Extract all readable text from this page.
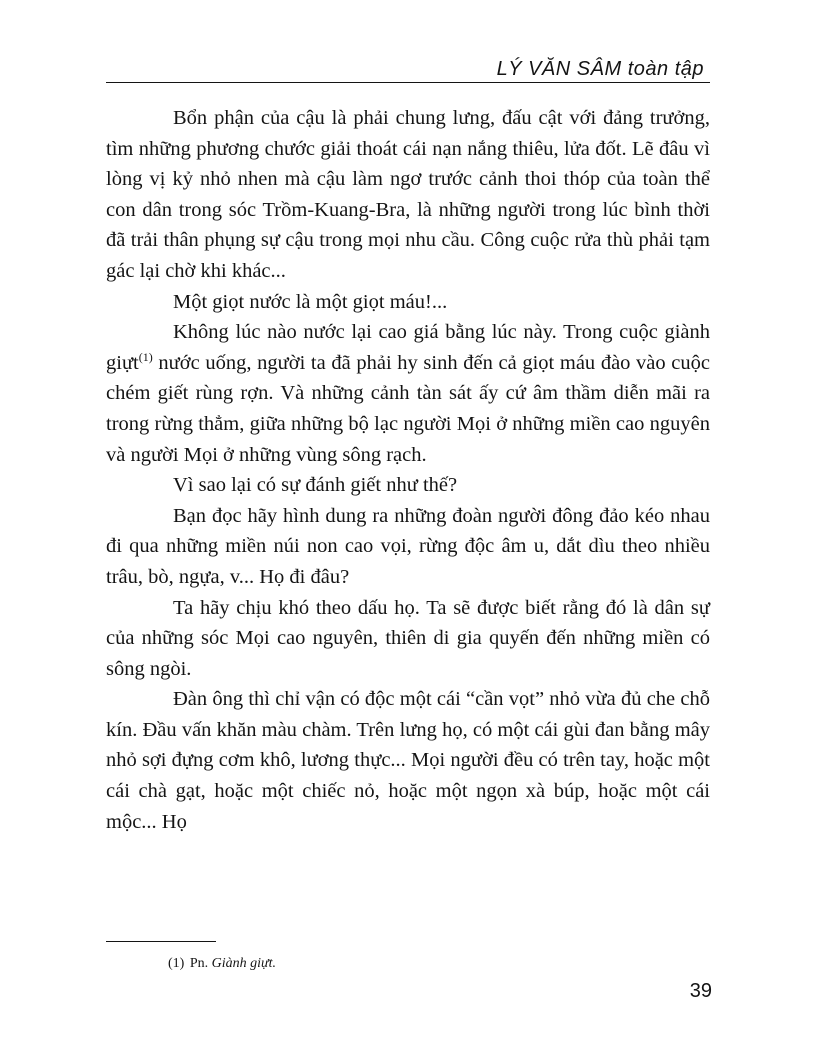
LÝ VĂN SÂM toàn tập

Bổn phận của cậu là phải chung lưng, đấu cật với đảng trưởng, tìm những phương chước giải thoát cái nạn nắng thiêu, lửa đốt. Lẽ đâu vì lòng vị kỷ nhỏ nhen mà cậu làm ngơ trước cảnh thoi thóp của toàn thể con dân trong sóc Trồm-Kuang-Bra, là những người trong lúc bình thời đã trải thân phụng sự cậu trong mọi nhu cầu. Công cuộc rửa thù phải tạm gác lại chờ khi khác...

Một giọt nước là một giọt máu!...

Không lúc nào nước lại cao giá bằng lúc này. Trong cuộc giành giựt$^{(1)}$ nước uống, người ta đã phải hy sinh đến cả giọt máu đào vào cuộc chém giết rùng rợn. Và những cảnh tàn sát ấy cứ âm thầm diễn mãi ra trong rừng thẳm, giữa những bộ lạc người Mọi ở những miền cao nguyên và người Mọi ở những vùng sông rạch.

Vì sao lại có sự đánh giết như thế?

Bạn đọc hãy hình dung ra những đoàn người đông đảo kéo nhau đi qua những miền núi non cao vọi, rừng độc âm u, dắt dìu theo nhiều trâu, bò, ngựa, v... Họ đi đâu?

Ta hãy chịu khó theo dấu họ. Ta sẽ được biết rằng đó là dân sự của những sóc Mọi cao nguyên, thiên di gia quyến đến những miền có sông ngòi.

Đàn ông thì chỉ vận có độc một cái “cần vọt” nhỏ vừa đủ che chỗ kín. Đầu vấn khăn màu chàm. Trên lưng họ, có một cái gùi đan bằng mây nhỏ sợi đựng cơm khô, lương thực... Mọi người đều có trên tay, hoặc một cái chà gạt, hoặc một chiếc nỏ, hoặc một ngọn xà búp, hoặc một cái mộc... Họ

(1) Pn. Giành giựt.
39
